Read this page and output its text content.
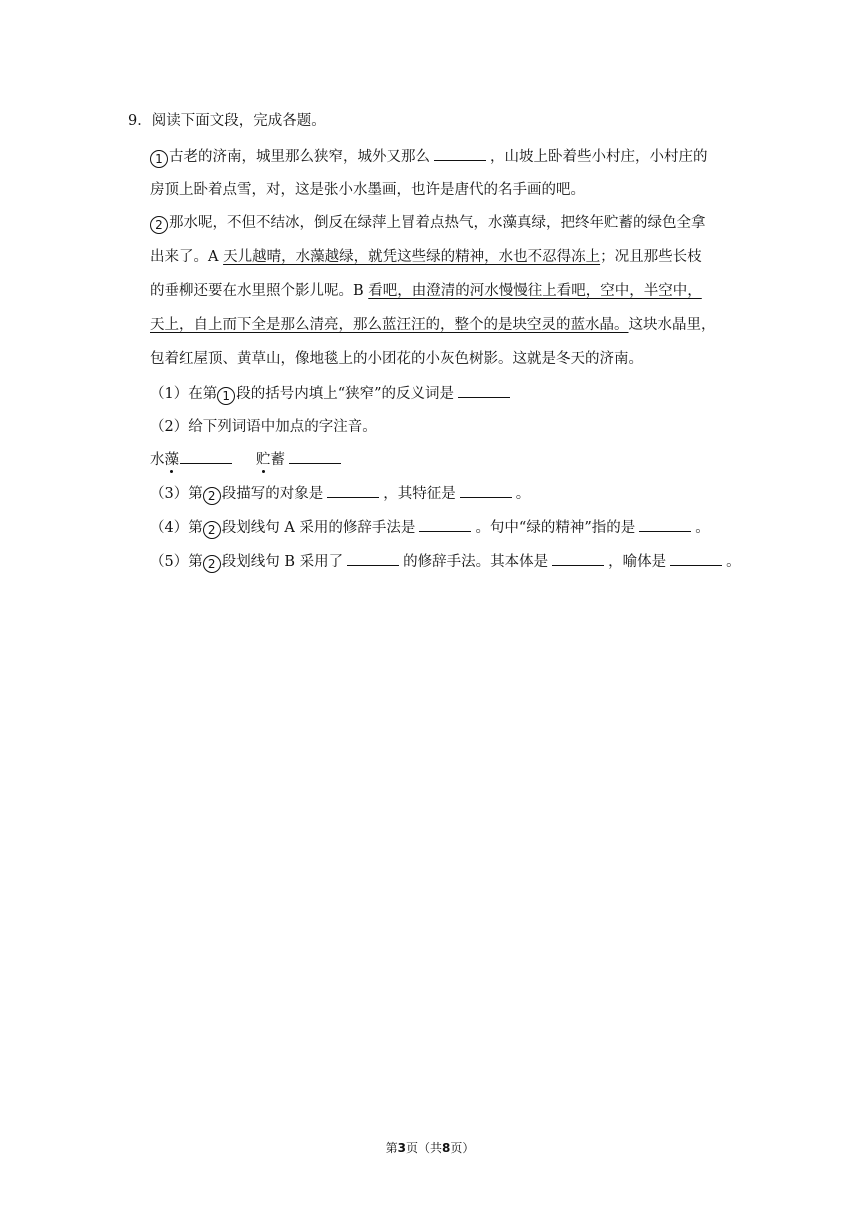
9．阅读下面文段，完成各题。
1 古老的济南，城里那么狭窄，城外又那么	，山坡上卧着些小村庄，小村庄的
房顶上卧着点雪，对，这是张小水墨画，也许是唐代的名手画的吧。
2 那水呢，不但不结冰，倒反在绿萍上冒着点热气，水藻真绿，把终年贮蓄的绿色全拿
出来了。A 天儿越晴，水藻越绿，就凭这些绿的精神，水也不忍得冻上；况且那些长枝
的垂柳还要在水里照个影儿呢。B 看吧，由澄清的河水慢慢往上看吧，空中，半空中，
天上，自上而下全是那么清亮，那么蓝汪汪的，整个的是块空灵的蓝水晶。这块水晶里，
包着红屋顶、黄草山，像地毯上的小团花的小灰色树影。这就是冬天的济南。
（1）在第 1 段的括号内填上“狭窄”的反义词是
（2）给下列词语中加点的字注音。
水藻	贮蓄
（3）第 2 段描写的对象是	，其特征是	。
（4）第 2 段划线句 A 采用的修辞手法是	。句中“绿的精神”指的是	。
（5）第 2 段划线句 B 采用了	的修辞手法。其本体是	，喻体是	。
第3页（共8页）
